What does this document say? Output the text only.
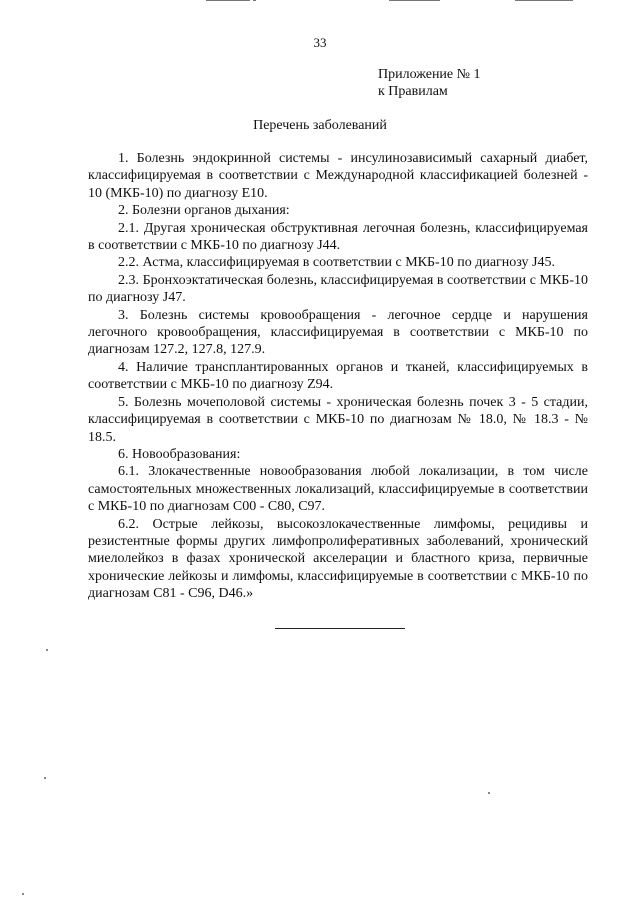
33
Приложение № 1
к Правилам
Перечень заболеваний

1. Болезнь эндокринной системы - инсулинозависимый сахарный диабет, классифицируемая в соответствии с Международной классификацией болезней - 10 (МКБ-10) по диагнозу Е10.

2. Болезни органов дыхания:

2.1. Другая хроническая обструктивная легочная болезнь, классифицируемая в соответствии с МКБ-10 по диагнозу J44.

2.2. Астма, классифицируемая в соответствии с МКБ-10 по диагнозу J45.

2.3. Бронхоэктатическая болезнь, классифицируемая в соответствии с МКБ-10 по диагнозу J47.

3. Болезнь системы кровообращения - легочное сердце и нарушения легочного кровообращения, классифицируемая в соответствии с МКБ-10 по диагнозам 127.2, 127.8, 127.9.

4. Наличие трансплантированных органов и тканей, классифицируемых в соответствии с МКБ-10 по диагнозу Z94.

5. Болезнь мочеполовой системы - хроническая болезнь почек 3 - 5 стадии, классифицируемая в соответствии с МКБ-10 по диагнозам № 18.0, № 18.3 - № 18.5.

6. Новообразования:

6.1. Злокачественные новообразования любой локализации, в том числе самостоятельных множественных локализаций, классифицируемые в соответствии с МКБ-10 по диагнозам С00 - С80, С97.

6.2. Острые лейкозы, высокозлокачественные лимфомы, рецидивы и резистентные формы других лимфопролиферативных заболеваний, хронический миелолейкоз в фазах хронической акселерации и бластного криза, первичные хронические лейкозы и лимфомы, классифицируемые в соответствии с МКБ-10 по диагнозам С81 - С96, D46.»
